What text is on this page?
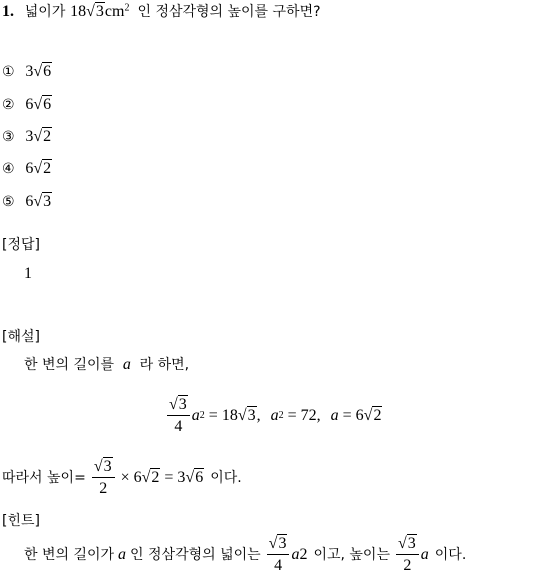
1. 넓이가 $18√3cm^2$ 인 정삼각형의 높이를 구하면?
① 3√6
② 6√6
③ 3√2
④ 6√2
⑤ 6√3
[정답]
1
[해설]
한 변의 길이를 a 라 하면,
$\frac{√3}{4}$ a 2 = 18 √3 , a 2 = 72, a = 6 √2
따라서 높이= $\frac{√3}{2} \times 6$ √2 = 3 √6 이다.
[힌트]
한 변의 길이가 a 인 정삼각형의 넓이는 $\frac{√3}{4}$ a 2 이고, 높이는 $\frac{√3}{2}$ a 이다.
